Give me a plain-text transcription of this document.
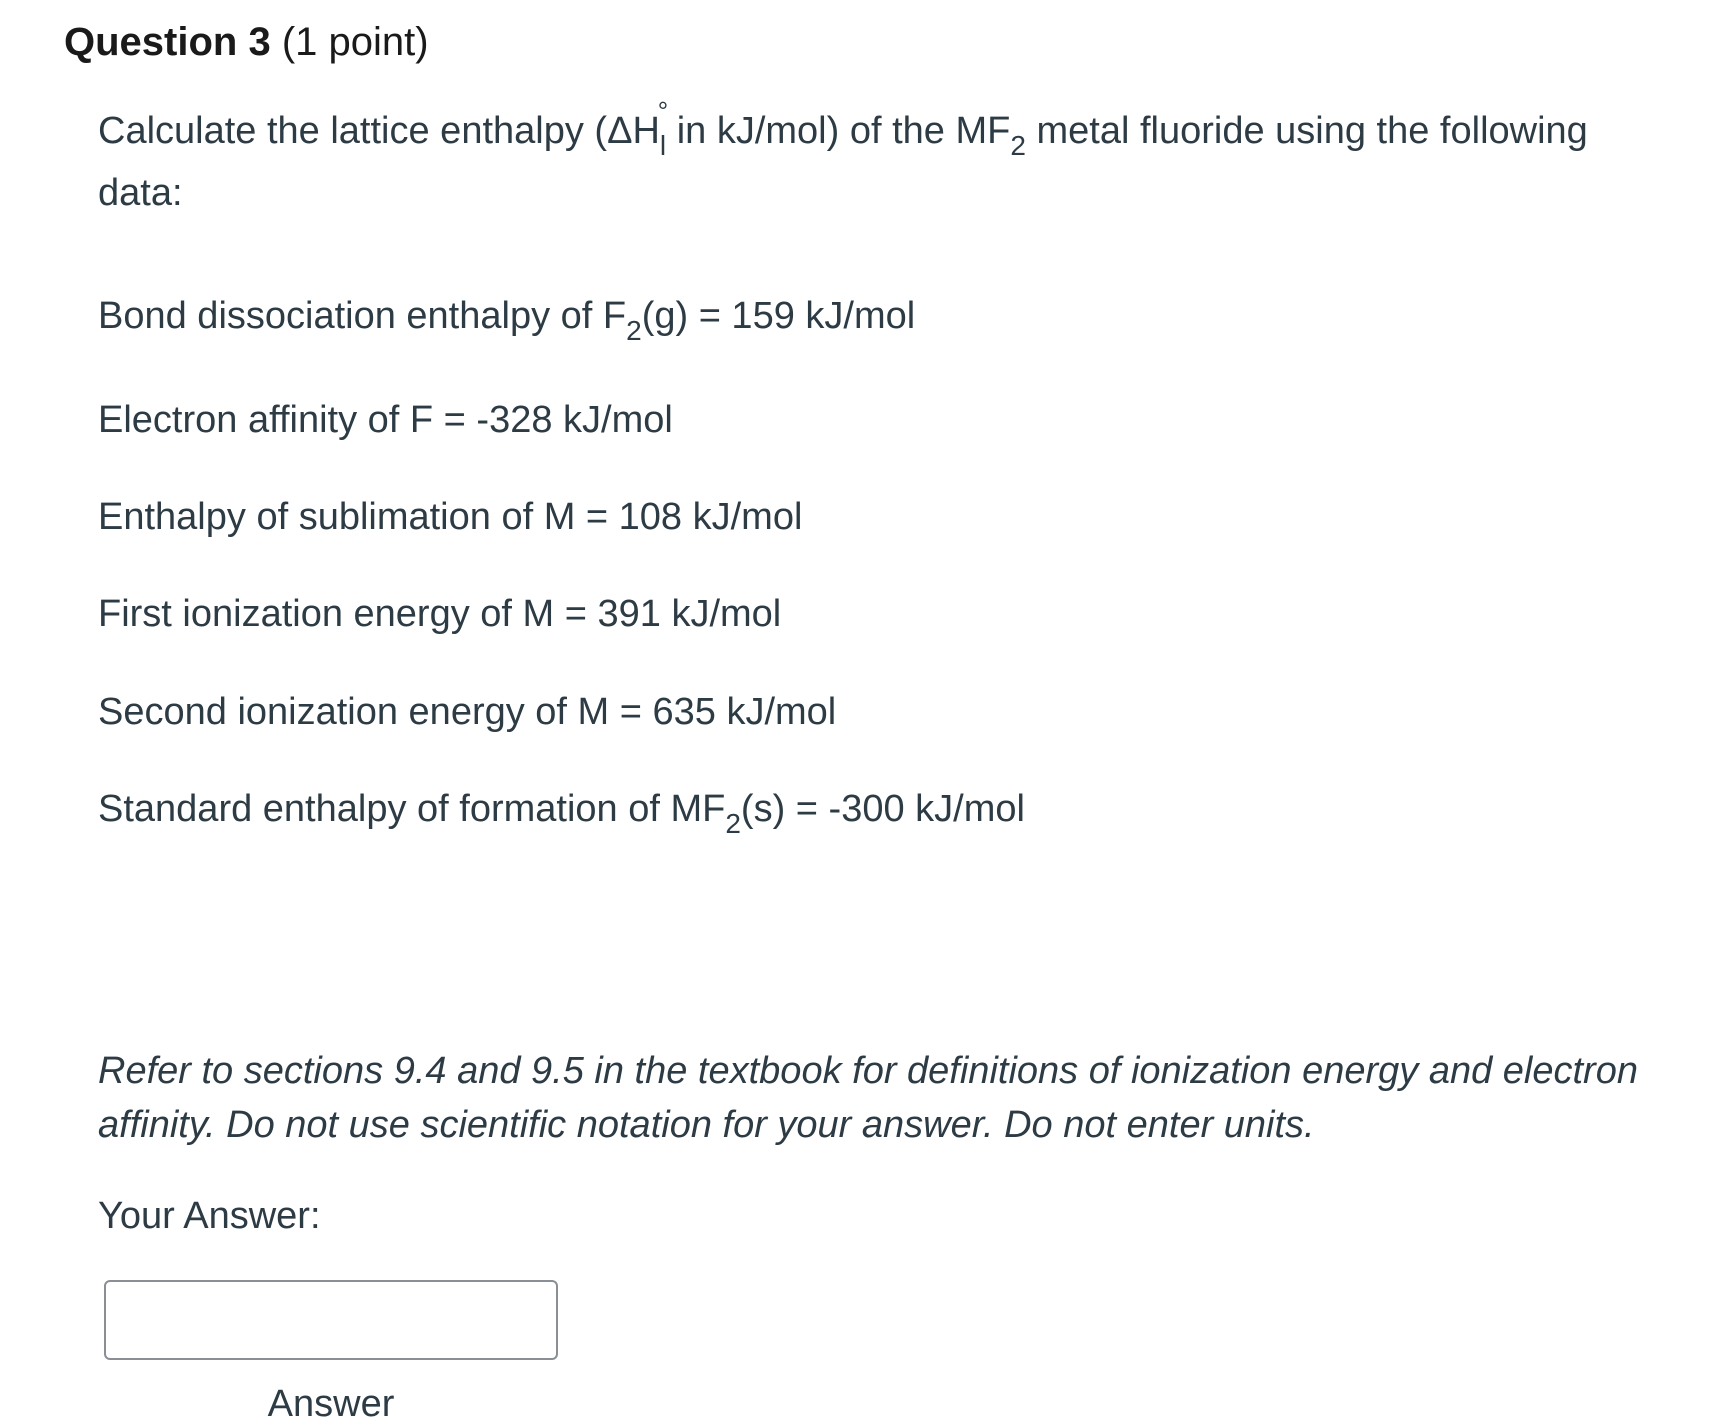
Question 3 (1 point)
Calculate the lattice enthalpy ($\Delta H_l$
°
in kJ/mol) of the $MF_2$ metal fluoride using the following data:
Bond dissociation enthalpy of $F_2(g) = 159$ kJ/mol
Electron affinity of F = -328 kJ/mol
Enthalpy of sublimation of M = 108 kJ/mol
First ionization energy of M = 391 kJ/mol
Second ionization energy of M = 635 kJ/mol
Standard enthalpy of formation of $MF_2(s) = -300$ kJ/mol
Refer to sections 9.4 and 9.5 in the textbook for definitions of ionization energy and electron affinity. Do not use scientific notation for your answer. Do not enter units.
Your Answer:
Answer
